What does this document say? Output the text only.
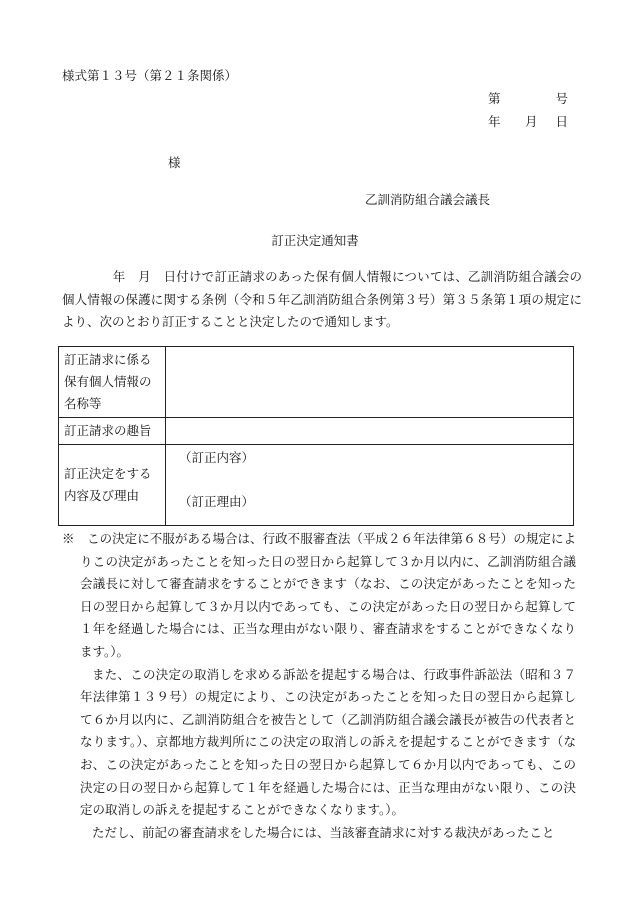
様式第１３号（第２１条関係）
第	号
年 月 日
様
乙訓消防組合議会議長
訂正決定通知書

　　　　年　月　日付けで訂正請求のあった保有個人情報については、乙訓消防組合議会の個人情報の保護に関する条例（令和５年乙訓消防組合条例第３号）第３５条第１項の規定により、次のとおり訂正することと決定したので通知します。

訂正請求に係る保有個人情報の名称等	
訂正請求の趣旨	
訂正決定をする内容及び理由	（訂正内容）
（訂正理由）

※　この決定に不服がある場合は、行政不服審査法（平成２６年法律第６８号）の規定によりこの決定があったことを知った日の翌日から起算して３か月以内に、乙訓消防組合議会議長に対して審査請求をすることができます（なお、この決定があったことを知った日の翌日から起算して３か月以内であっても、この決定があった日の翌日から起算して１年を経過した場合には、正当な理由がない限り、審査請求をすることができなくなります。）。

また、この決定の取消しを求める訴訟を提起する場合は、行政事件訴訟法（昭和３７年法律第１３９号）の規定により、この決定があったことを知った日の翌日から起算して６か月以内に、乙訓消防組合を被告として（乙訓消防組合議会議長が被告の代表者となります。）、京都地方裁判所にこの決定の取消しの訴えを提起することができます（なお、この決定があったことを知った日の翌日から起算して６か月以内であっても、この決定の日の翌日から起算して１年を経過した場合には、正当な理由がない限り、この決定の取消しの訴えを提起することができなくなります。）。

ただし、前記の審査請求をした場合には、当該審査請求に対する裁決があったこと
